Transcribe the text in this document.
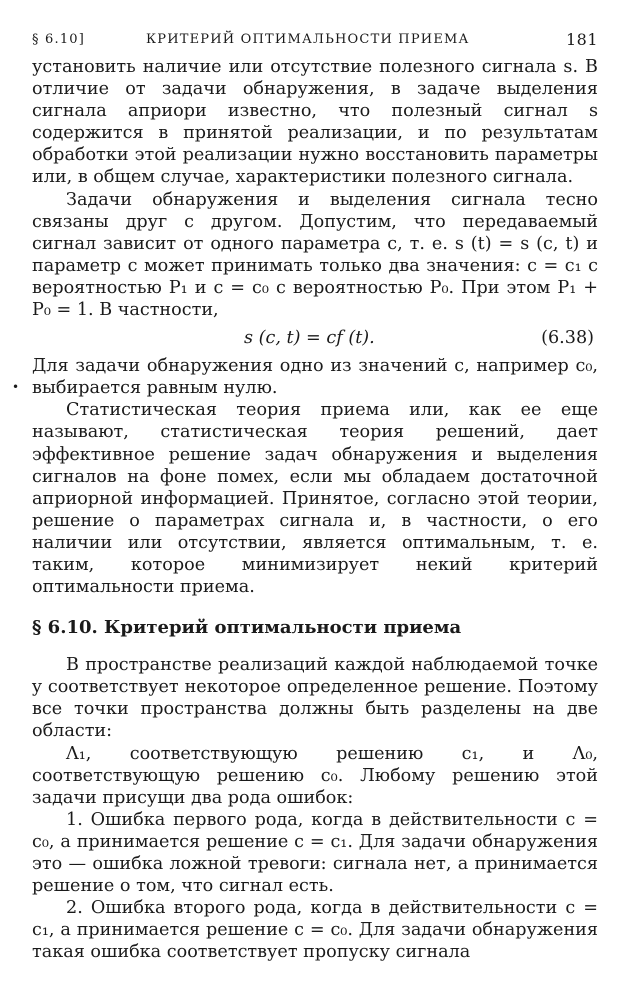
§ 6.10]	КРИТЕРИЙ ОПТИМАЛЬНОСТИ ПРИЕМА	181

установить наличие или отсутствие полезного сигнала s. В отличие от задачи обнаружения, в задаче выделения сигнала априори известно, что полезный сигнал s содержится в принятой реализации, и по результатам обработки этой реализации нужно восстановить параметры или, в общем случае, характеристики полезного сигнала.

Задачи обнаружения и выделения сигнала тесно связаны друг с другом. Допустим, что передаваемый сигнал зависит от одного параметра c, т. е. s (t) = s (c, t) и параметр c может принимать только два значения: c = c₁ с вероятностью P₁ и c = c₀ с вероятностью P₀. При этом P₁ + P₀ = 1. В частности,

s (c, t) = cf (t).	(6.38)

Для задачи обнаружения одно из значений c, например c₀, выбирается равным нулю.

Статистическая теория приема или, как ее еще называют, статистическая теория решений, дает эффективное решение задач обнаружения и выделения сигналов на фоне помех, если мы обладаем достаточной априорной информацией. Принятое, согласно этой теории, решение о параметрах сигнала и, в частности, о его наличии или отсутствии, является оптимальным, т. е. таким, которое минимизирует некий критерий оптимальности приема.

§ 6.10. Критерий оптимальности приема

В пространстве реализаций каждой наблюдаемой точке y соответствует некоторое определенное решение. Поэтому все точки пространства должны быть разделены на две области:

Λ₁, соответствующую решению c₁, и Λ₀, соответствующую решению c₀. Любому решению этой задачи присущи два рода ошибок:

1. Ошибка первого рода, когда в действительности c = c₀, а принимается решение c = c₁. Для задачи обнаружения это — ошибка ложной тревоги: сигнала нет, а принимается решение о том, что сигнал есть.

2. Ошибка второго рода, когда в действительности c = c₁, а принимается решение c = c₀. Для задачи обнаружения такая ошибка соответствует пропуску сигнала

•
